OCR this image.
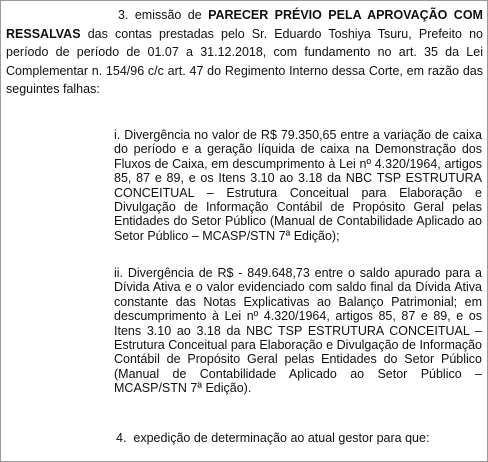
3. emissão de PARECER PRÉVIO PELA APROVAÇÃO COM RESSALVAS das contas prestadas pelo Sr. Eduardo Toshiya Tsuru, Prefeito no período de período de 01.07 a 31.12.2018, com fundamento no art. 35 da Lei Complementar n. 154/96 c/c art. 47 do Regimento Interno dessa Corte, em razão das seguintes falhas:

i. Divergência no valor de R$ 79.350,65 entre a variação de caixa do período e a geração líquida de caixa na Demonstração dos Fluxos de Caixa, em descumprimento à Lei nº 4.320/1964, artigos 85, 87 e 89, e os Itens 3.10 ao 3.18 da NBC TSP ESTRUTURA CONCEITUAL – Estrutura Conceitual para Elaboração e Divulgação de Informação Contábil de Propósito Geral pelas Entidades do Setor Público (Manual de Contabilidade Aplicado ao Setor Público – MCASP/STN 7ª Edição);

ii. Divergência de R$ - 849.648,73 entre o saldo apurado para a Dívida Ativa e o valor evidenciado com saldo final da Dívida Ativa constante das Notas Explicativas ao Balanço Patrimonial; em descumprimento à Lei nº 4.320/1964, artigos 85, 87 e 89, e os Itens 3.10 ao 3.18 da NBC TSP ESTRUTURA CONCEITUAL – Estrutura Conceitual para Elaboração e Divulgação de Informação Contábil de Propósito Geral pelas Entidades do Setor Público (Manual de Contabilidade Aplicado ao Setor Público – MCASP/STN 7ª Edição).

4. expedição de determinação ao atual gestor para que:
